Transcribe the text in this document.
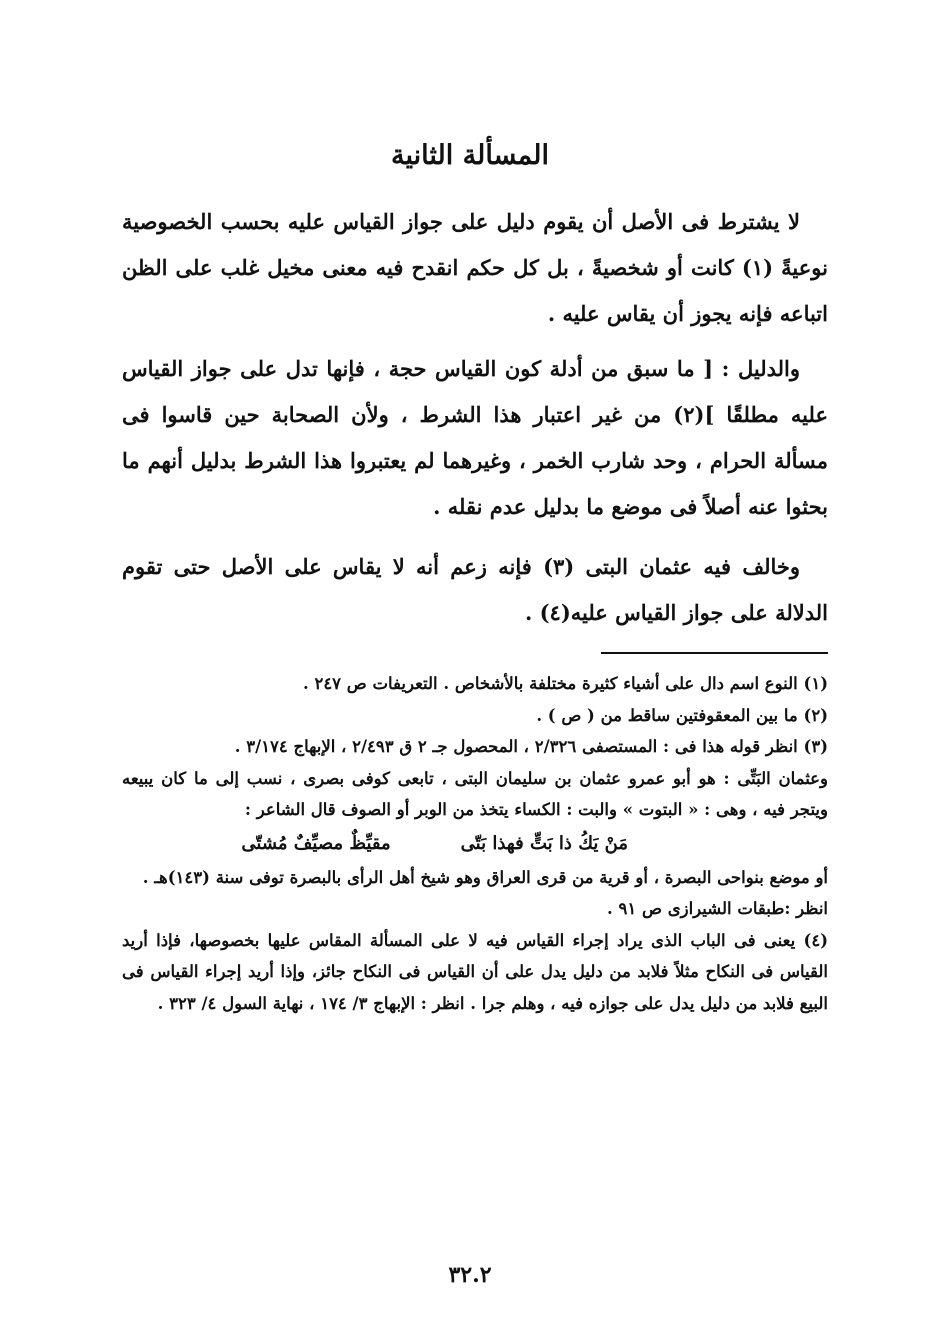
المسألة الثانية

لا يشترط فى الأصل أن يقوم دليل على جواز القياس عليه بحسب الخصوصية نوعيةً (١) كانت أو شخصيةً ، بل كل حكم انقدح فيه معنى مخيل غلب على الظن اتباعه فإنه يجوز أن يقاس عليه .

والدليل : [ ما سبق من أدلة كون القياس حجة ، فإنها تدل على جواز القياس عليه مطلقًا ](٢) من غير اعتبار هذا الشرط ، ولأن الصحابة حين قاسوا فى مسألة الحرام ، وحد شارب الخمر ، وغيرهما لم يعتبروا هذا الشرط بدليل أنهم ما بحثوا عنه أصلاً فى موضع ما بدليل عدم نقله .

وخالف فيه عثمان البتى (٣) فإنه زعم أنه لا يقاس على الأصل حتى تقوم الدلالة على جواز القياس عليه(٤) .

(١) النوع اسم دال على أشياء كثيرة مختلفة بالأشخاص . التعريفات ص ٢٤٧ .

(٢) ما بين المعقوفتين ساقط من ( ص ) .

(٣) انظر قوله هذا فى : المستصفى ٢/٣٢٦ ، المحصول جـ ٢ ق ٢/٤٩٣ ، الإبهاج ٣/١٧٤ .

وعثمان البَتِّى : هو أبو عمرو عثمان بن سليمان البتى ، تابعى كوفى بصرى ، نسب إلى ما كان يبيعه ويتجر فيه ، وهى : « البتوت » والبت : الكساء يتخذ من الوبر أو الصوف قال الشاعر :

مَنْ يَكُ ذا بَتٍّ فهذا بَتّى
مقيِّظٌ مصيِّفٌ مُشتّى

أو موضع بنواحى البصرة ، أو قرية من قرى العراق وهو شيخ أهل الرأى بالبصرة توفى سنة (١٤٣)هـ .

انظر :طبقات الشيرازى ص ٩١ .

(٤) يعنى فى الباب الذى يراد إجراء القياس فيه لا على المسألة المقاس عليها بخصوصها، فإذا أريد القياس فى النكاح مثلاً فلابد من دليل يدل على أن القياس فى النكاح جائز، وإذا أريد إجراء القياس فى البيع فلابد من دليل يدل على جوازه فيه ، وهلم جرا . انظر : الإبهاج ٣/ ١٧٤ ، نهاية السول ٤/ ٣٢٣ .

٣٢.٢
